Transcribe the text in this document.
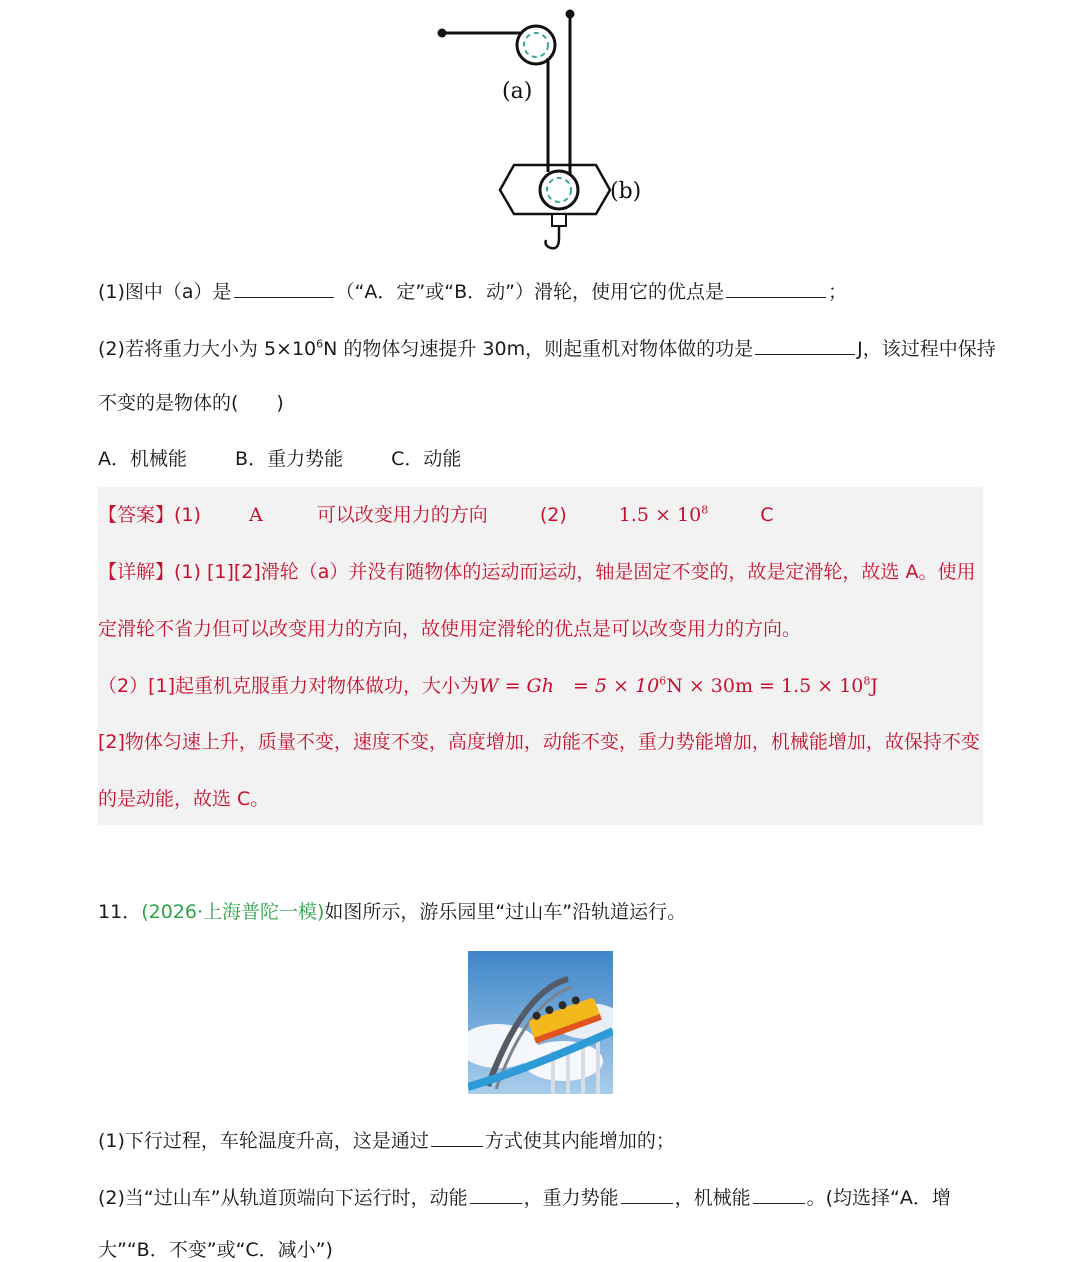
(a)
(b)
(1)图中（a）是	（“A．定”或“B．动”）滑轮，使用它的优点是	；
(2)若将重力大小为 $5\times 10^6N$ 的物体匀速提升 30m，则起重机对物体做的功是	J，该过程中保持
不变的是物体的(　　)
A．机械能	B．重力势能	C．动能
【答案】(1)	A	可以改变用力的方向	(2)	$1.5 \times 10^8$	C
【详解】(1) [1][2]滑轮（a）并没有随物体的运动而运动，轴是固定不变的，故是定滑轮，故选 A。使用
定滑轮不省力但可以改变用力的方向，故使用定滑轮的优点是可以改变用力的方向。
（2）[1]起重机克服重力对物体做功，大小为W = Gh　= $5 \times 10^6N \times 30m = 1.5 \times 10^8J$
[2]物体匀速上升，质量不变，速度不变，高度增加，动能不变，重力势能增加，机械能增加，故保持不变
的是动能，故选 C。
11．(2026·上海普陀一模)如图所示，游乐园里“过山车”沿轨道运行。
(1)下行过程，车轮温度升高，这是通过	方式使其内能增加的；
(2)当“过山车”从轨道顶端向下运行时，动能	，重力势能	，机械能	。(均选择“A．增
大”“B．不变”或“C．减小”)
